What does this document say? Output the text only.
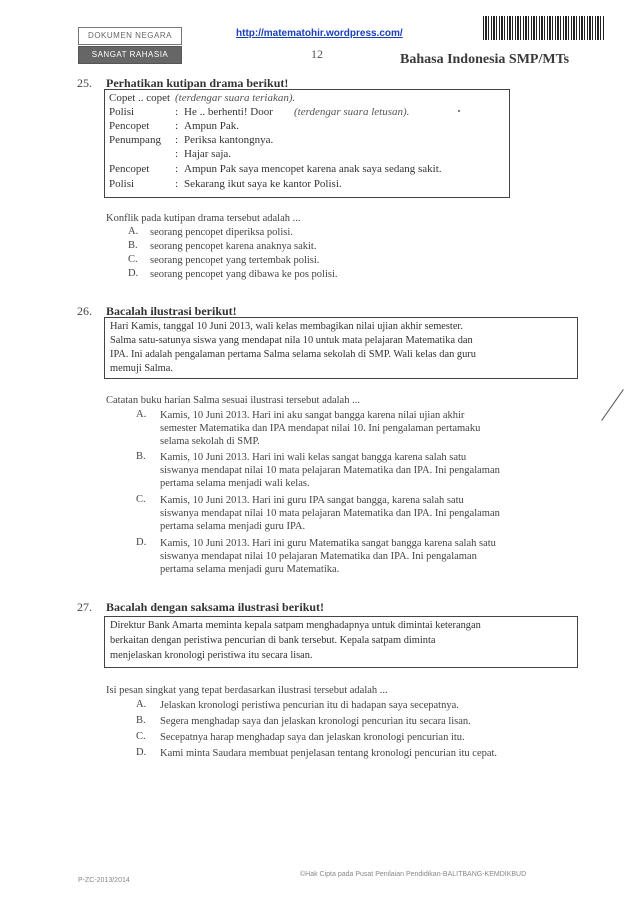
DOKUMEN NEGARA
SANGAT RAHASIA
http://matematohir.wordpress.com/
12	Bahasa Indonesia SMP/MTs
25. Perhatikan kutipan drama berikut!
Copet .. copet (terdengar suara teriakan).
Polisi	: He .. berhenti! Door (terdengar suara letusan).
Pencopet : Ampun Pak.
Penumpang : Periksa kantongnya.
: Hajar saja.
Pencopet : Ampun Pak saya mencopet karena anak saya sedang sakit.
Polisi	: Sekarang ikut saya ke kantor Polisi.
Konflik pada kutipan drama tersebut adalah ...
A. seorang pencopet diperiksa polisi.
B. seorang pencopet karena anaknya sakit.
C. seorang pencopet yang tertembak polisi.
D. seorang pencopet yang dibawa ke pos polisi.
26. Bacalah ilustrasi berikut!
Hari Kamis, tanggal 10 Juni 2013, wali kelas membagikan nilai ujian akhir semester.
Salma satu-satunya siswa yang mendapat nila 10 untuk mata pelajaran Matematika dan
IPA. Ini adalah pengalaman pertama Salma selama sekolah di SMP. Wali kelas dan guru
memuji Salma.
Catatan buku harian Salma sesuai ilustrasi tersebut adalah ...
A. Kamis, 10 Juni 2013. Hari ini aku sangat bangga karena nilai ujian akhir
semester Matematika dan IPA mendapat nilai 10. Ini pengalaman pertamaku
selama sekolah di SMP.
B. Kamis, 10 Juni 2013. Hari ini wali kelas sangat bangga karena salah satu
siswanya mendapat nilai 10 mata pelajaran Matematika dan IPA. Ini pengalaman
pertama selama menjadi wali kelas.
C. Kamis, 10 Juni 2013. Hari ini guru IPA sangat bangga, karena salah satu
siswanya mendapat nilai 10 mata pelajaran Matematika dan IPA. Ini pengalaman
pertama selama menjadi guru IPA.
D. Kamis, 10 Juni 2013. Hari ini guru Matematika sangat bangga karena salah satu
siswanya mendapat nilai 10 pelajaran Matematika dan IPA. Ini pengalaman
pertama selama menjadi guru Matematika.
27. Bacalah dengan saksama ilustrasi berikut!
Direktur Bank Amarta meminta kepala satpam menghadapnya untuk dimintai keterangan
berkaitan dengan peristiwa pencurian di bank tersebut. Kepala satpam diminta
menjelaskan kronologi peristiwa itu secara lisan.
Isi pesan singkat yang tepat berdasarkan ilustrasi tersebut adalah ...
A. Jelaskan kronologi peristiwa pencurian itu di hadapan saya secepatnya.
B. Segera menghadap saya dan jelaskan kronologi pencurian itu secara lisan.
C. Secepatnya harap menghadap saya dan jelaskan kronologi pencurian itu.
D. Kami minta Saudara membuat penjelasan tentang kronologi pencurian itu cepat.
P-ZC-2013/2014
©Hak Cipta pada Pusat Penilaian Pendidikan-BALITBANG-KEMDIKBUD
